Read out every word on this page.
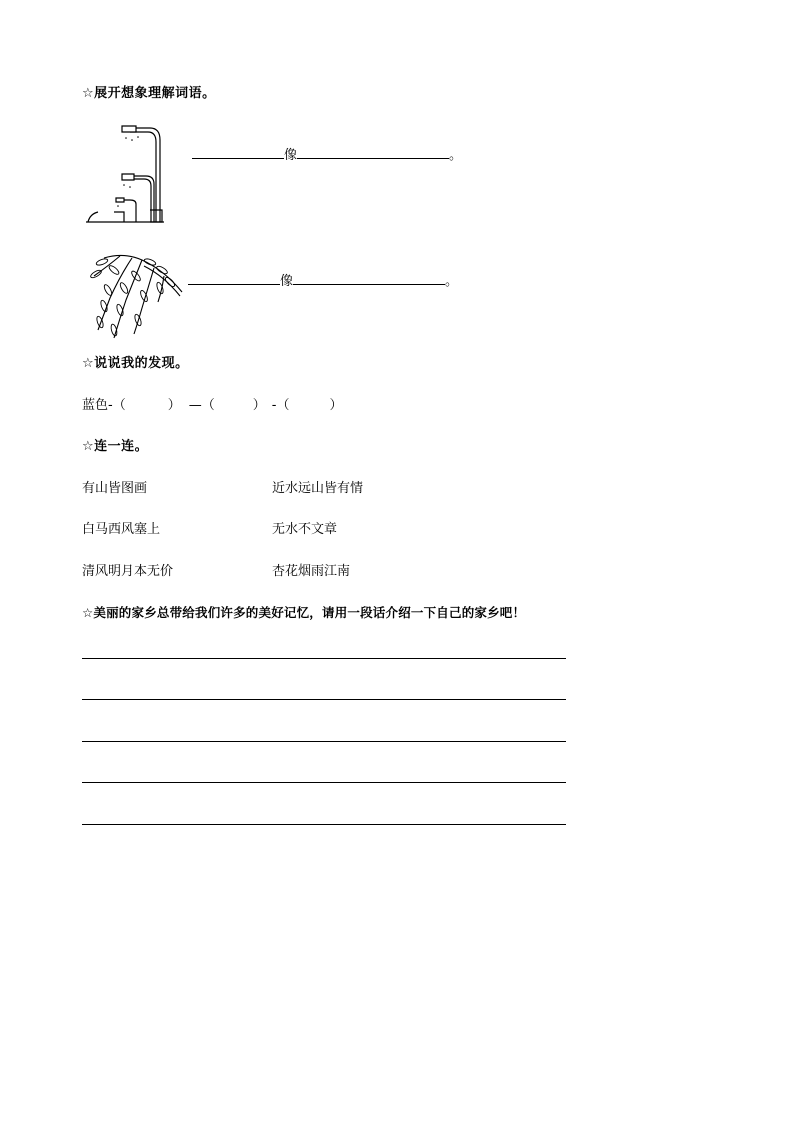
☆展开想象理解词语。
像	。
像	。
☆说说我的发现。
蓝色-（	） —（	） -（	）
☆连一连。
有山皆图画	近水远山皆有情
白马西风塞上	无水不文章
清风明月本无价	杏花烟雨江南
☆美丽的家乡总带给我们许多的美好记忆，请用一段话介绍一下自己的家乡吧！
